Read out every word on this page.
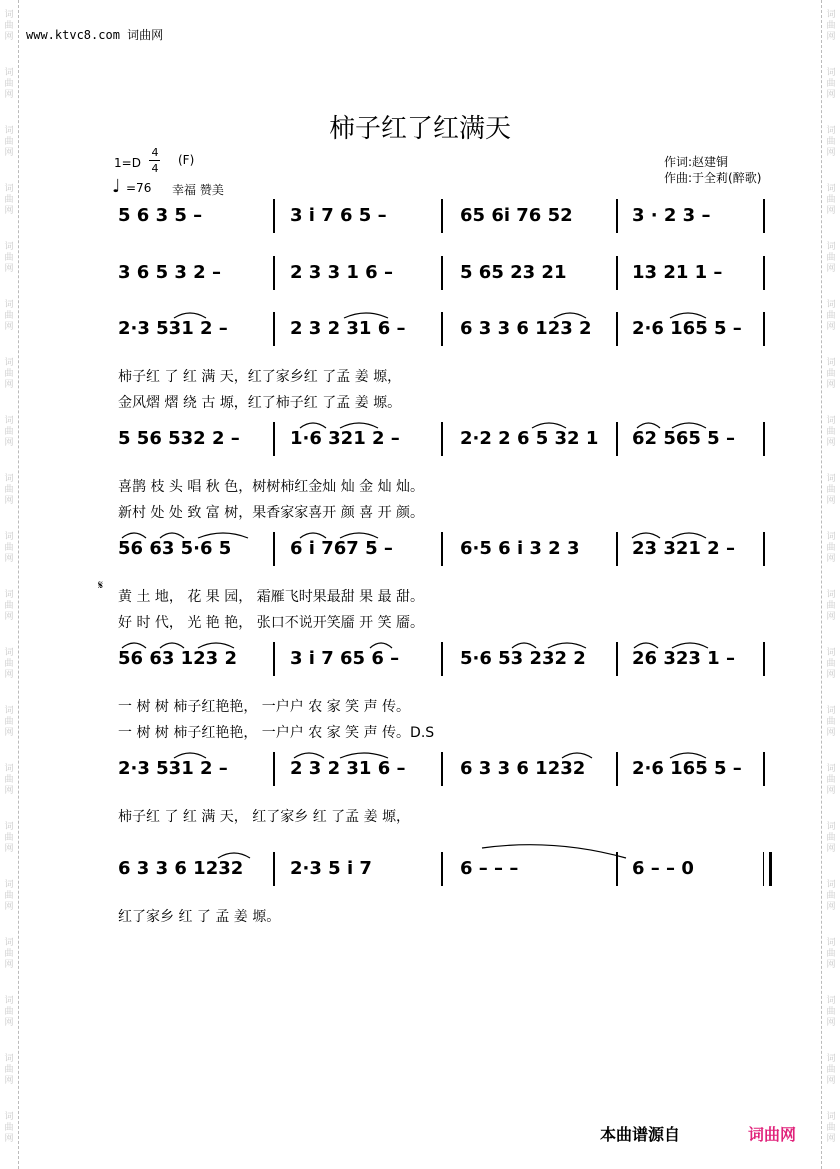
词
曲
网
词
曲
网
词
曲
网
词
曲
网
词
曲
网
词
曲
网
词
曲
网
词
曲
网
词
曲
网
词
曲
网
词
曲
网
词
曲
网
词
曲
网
词
曲
网
词
曲
网
词
曲
网
词
曲
网
词
曲
网
词
曲
网
词
曲
网
词
曲
网
词
曲
网
词
曲
网
词
曲
网
词
曲
网
词
曲
网
词
曲
网
词
曲
网
词
曲
网
词
曲
网
词
曲
网
词
曲
网
词
曲
网
词
曲
网
词
曲
网
词
曲
网
词
曲
网
词
曲
网
词
曲
网
词
曲
网
www.ktvc8.com 词曲网
柿子红了红满天
1=D
4
4
(F)
♩ =76 幸福 赞美
作词:赵建铜
作曲:于全莉(醉歌)
5 6 3 5 –	3 i 7 6 5 –	65 6i 76 52	3 · 2 3 –
3 6 5 3 2 –	2 3 3 1 6 –	5 65 23 21	13 21 1 –
2·3 531 2 –	2 3 2 31 6 –	6 3 3 6 123 2 2·6 165 5 –
柿子红 了 红 满 天，红了家乡红 了孟 姜 塬，
金风熠 熠 绕 古 塬，红了柿子红 了孟 姜 塬。
5 56 532 2 –	1·6 321 2 –	2·2 2 6 5 32 1 62 565 5 –
喜鹊 枝 头 唱 秋 色，树树柿红金灿 灿 金 灿 灿。
新村 处 处 致 富 树，果香家家喜开 颜 喜 开 颜。
56 63 5·6 5	6 i 767 5 –	6·5 6 i 3 2 3	23 321 2 –
黄 土 地， 花 果 园， 霜雁飞时果最甜 果 最 甜。
好 时 代， 光 艳 艳， 张口不说开笑靥 开 笑 靥。
56 63 123 2	3 i 7 65 6 –	5·6 53 232 2	26 323 1 –
一 树 树 柿子红艳艳， 一户户 农 家 笑 声 传。
一 树 树 柿子红艳艳， 一户户 农 家 笑 声 传。D.S
2·3 531 2 –	2 3 2 31 6 –	6 3 3 6 1232	2·6 165 5 –
柿子红 了 红 满 天， 红了家乡 红 了孟 姜 塬，
6 3 3 6 1232	2·3 5 i 7	6 – – –	6 – – 0
红了家乡 红 了 孟 姜 塬。
𝄋
本曲谱源自	词曲网
